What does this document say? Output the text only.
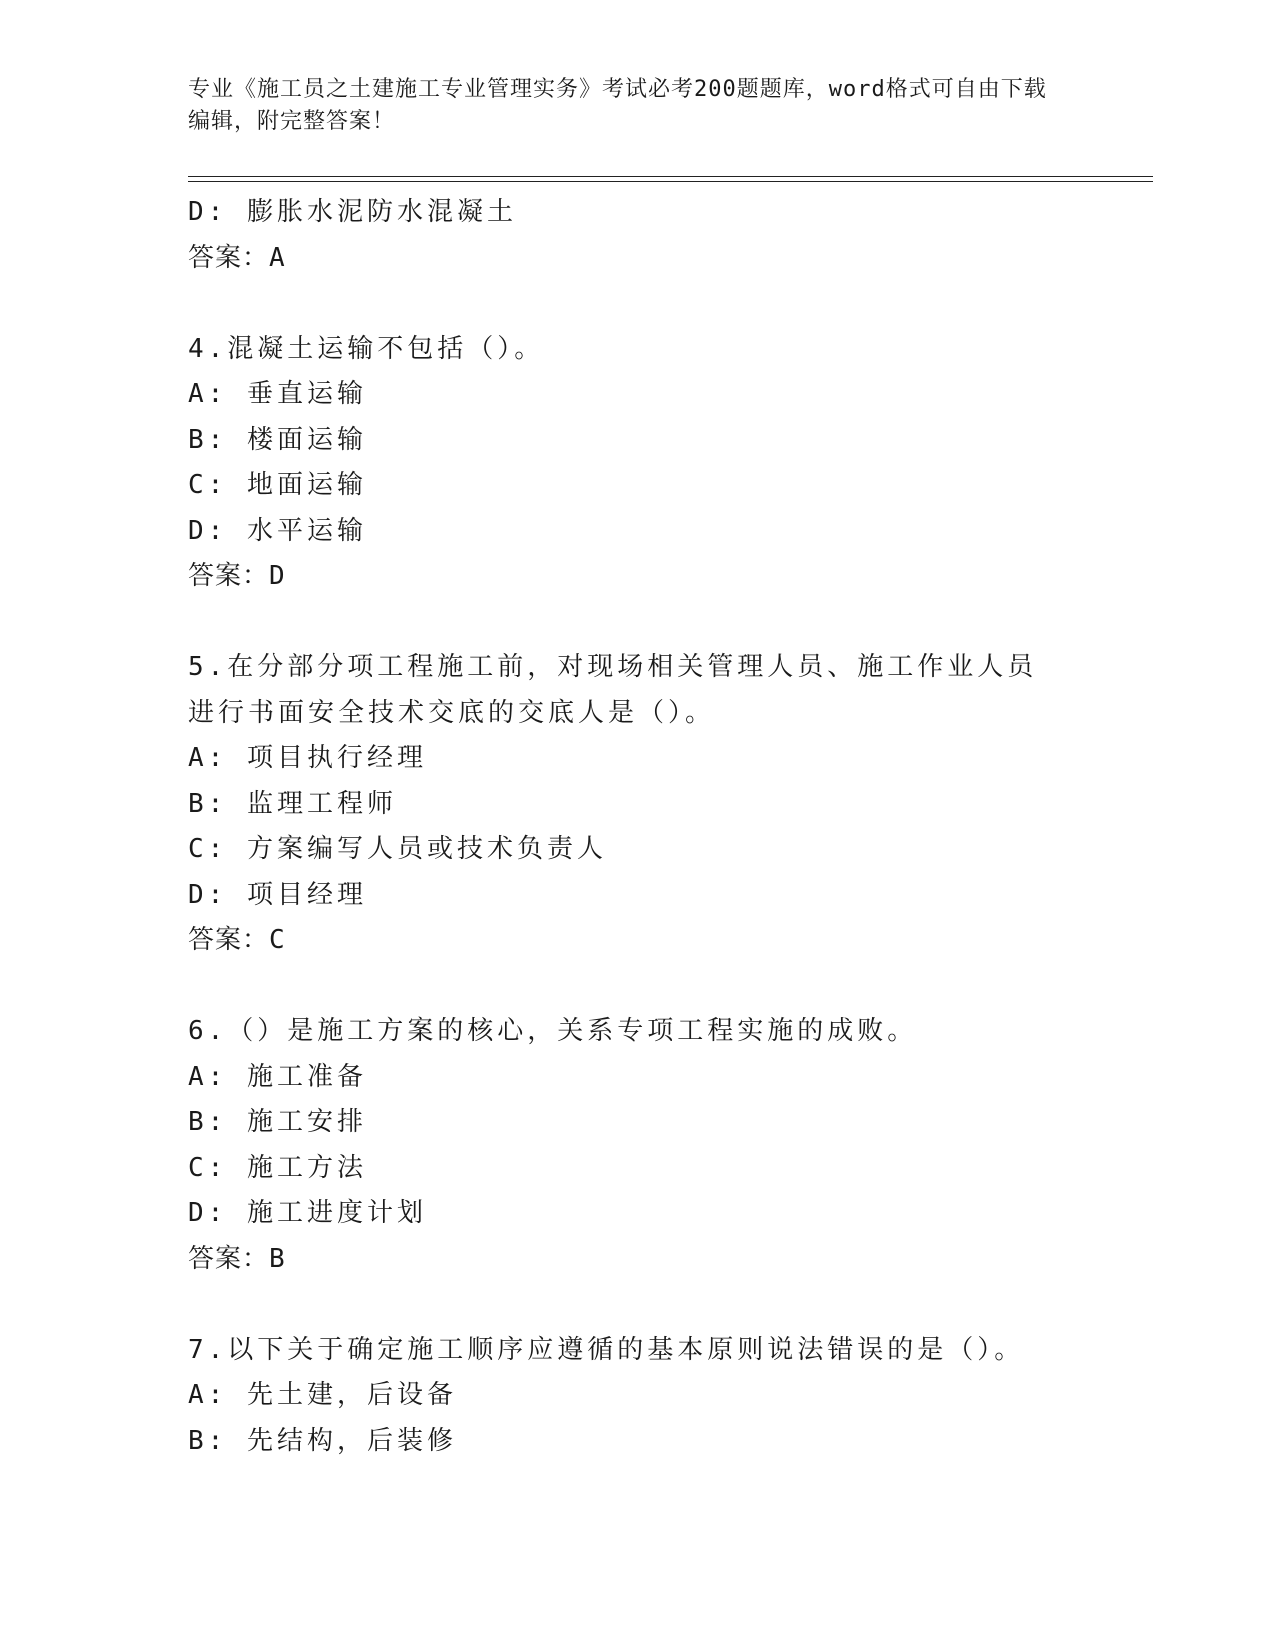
专业《施工员之土建施工专业管理实务》考试必考200题题库，word格式可自由下载编辑，附完整答案！
D: 膨胀水泥防水混凝土
答案：A
4.混凝土运输不包括（）。
A: 垂直运输
B: 楼面运输
C: 地面运输
D: 水平运输
答案：D
5.在分部分项工程施工前，对现场相关管理人员、施工作业人员进行书面安全技术交底的交底人是（）。
A: 项目执行经理
B: 监理工程师
C: 方案编写人员或技术负责人
D: 项目经理
答案：C
6.（）是施工方案的核心，关系专项工程实施的成败。
A: 施工准备
B: 施工安排
C: 施工方法
D: 施工进度计划
答案：B
7.以下关于确定施工顺序应遵循的基本原则说法错误的是（）。
A: 先土建，后设备
B: 先结构，后装修
